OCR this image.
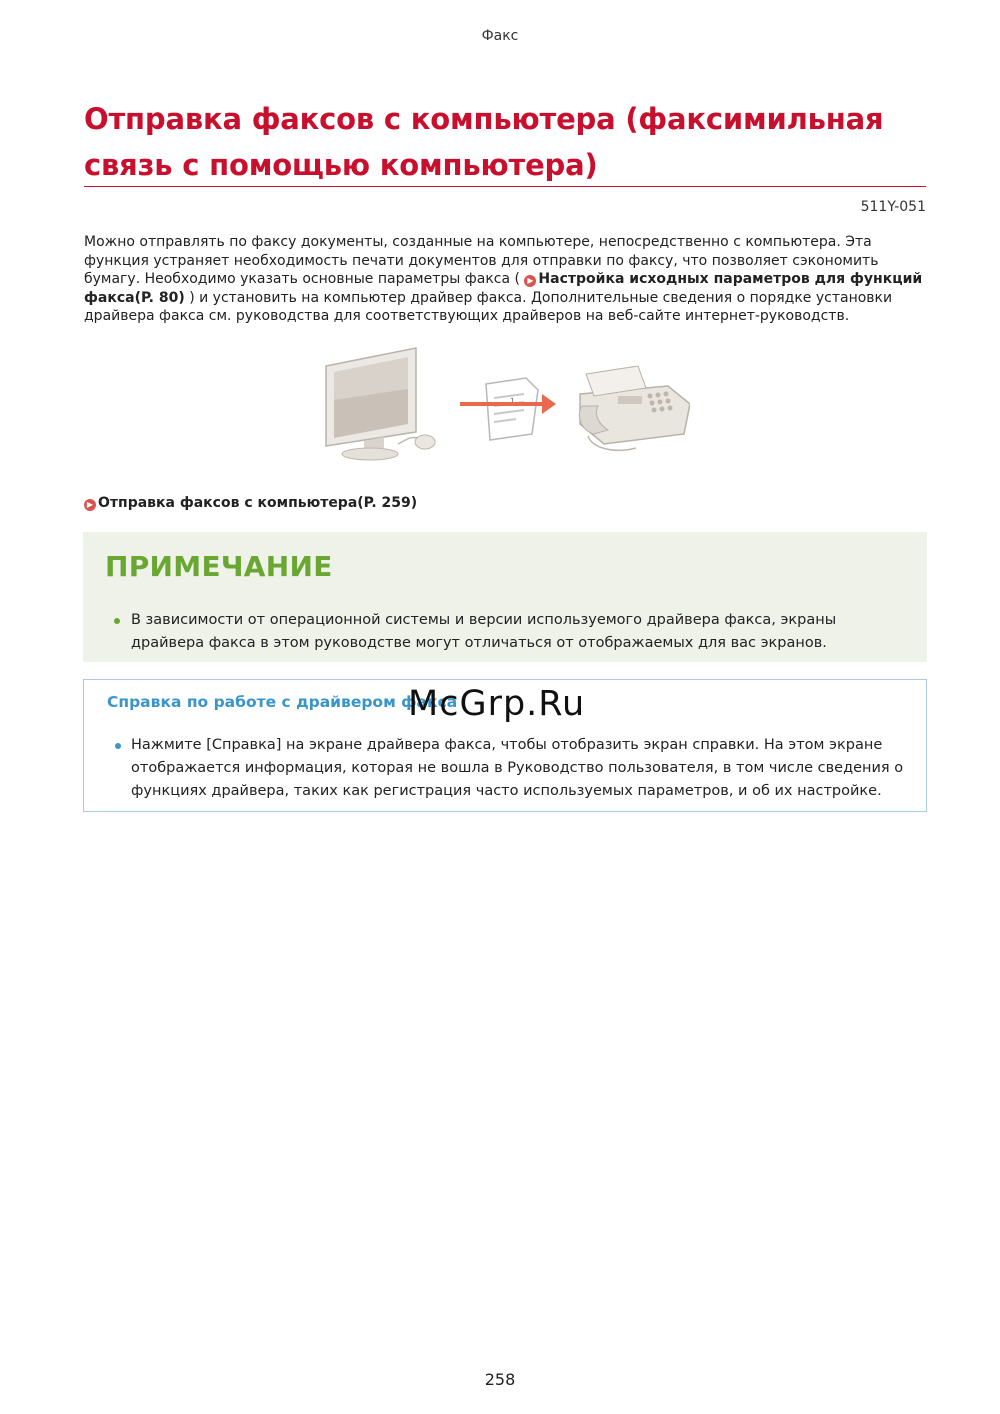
Факс
Отправка факсов с компьютера (факсимильная
связь с помощью компьютера)
511Y-051

Можно отправлять по факсу документы, созданные на компьютере, непосредственно с компьютера. Эта функция устраняет необходимость печати документов для отправки по факсу, что позволяет сэкономить бумагу. Необходимо указать основные параметры факса ( ▶ Настройка исходных параметров для функций факса(P. 80) ) и установить на компьютер драйвер факса. Дополнительные сведения о порядке установки драйвера факса см. руководства для соответствующих драйверов на веб-сайте интернет-руководств.

1
▶ Отправка факсов с компьютера(P. 259)
ПРИМЕЧАНИЕ
В зависимости от операционной системы и версии используемого драйвера факса, экраны драйвера факса в этом руководстве могут отличаться от отображаемых для вас экранов.
Справка по работе с драйвером факса
Нажмите [Справка] на экране драйвера факса, чтобы отобразить экран справки. На этом экране отображается информация, которая не вошла в Руководство пользователя, в том числе сведения о функциях драйвера, таких как регистрация часто используемых параметров, и об их настройке.
McGrp.Ru
258
